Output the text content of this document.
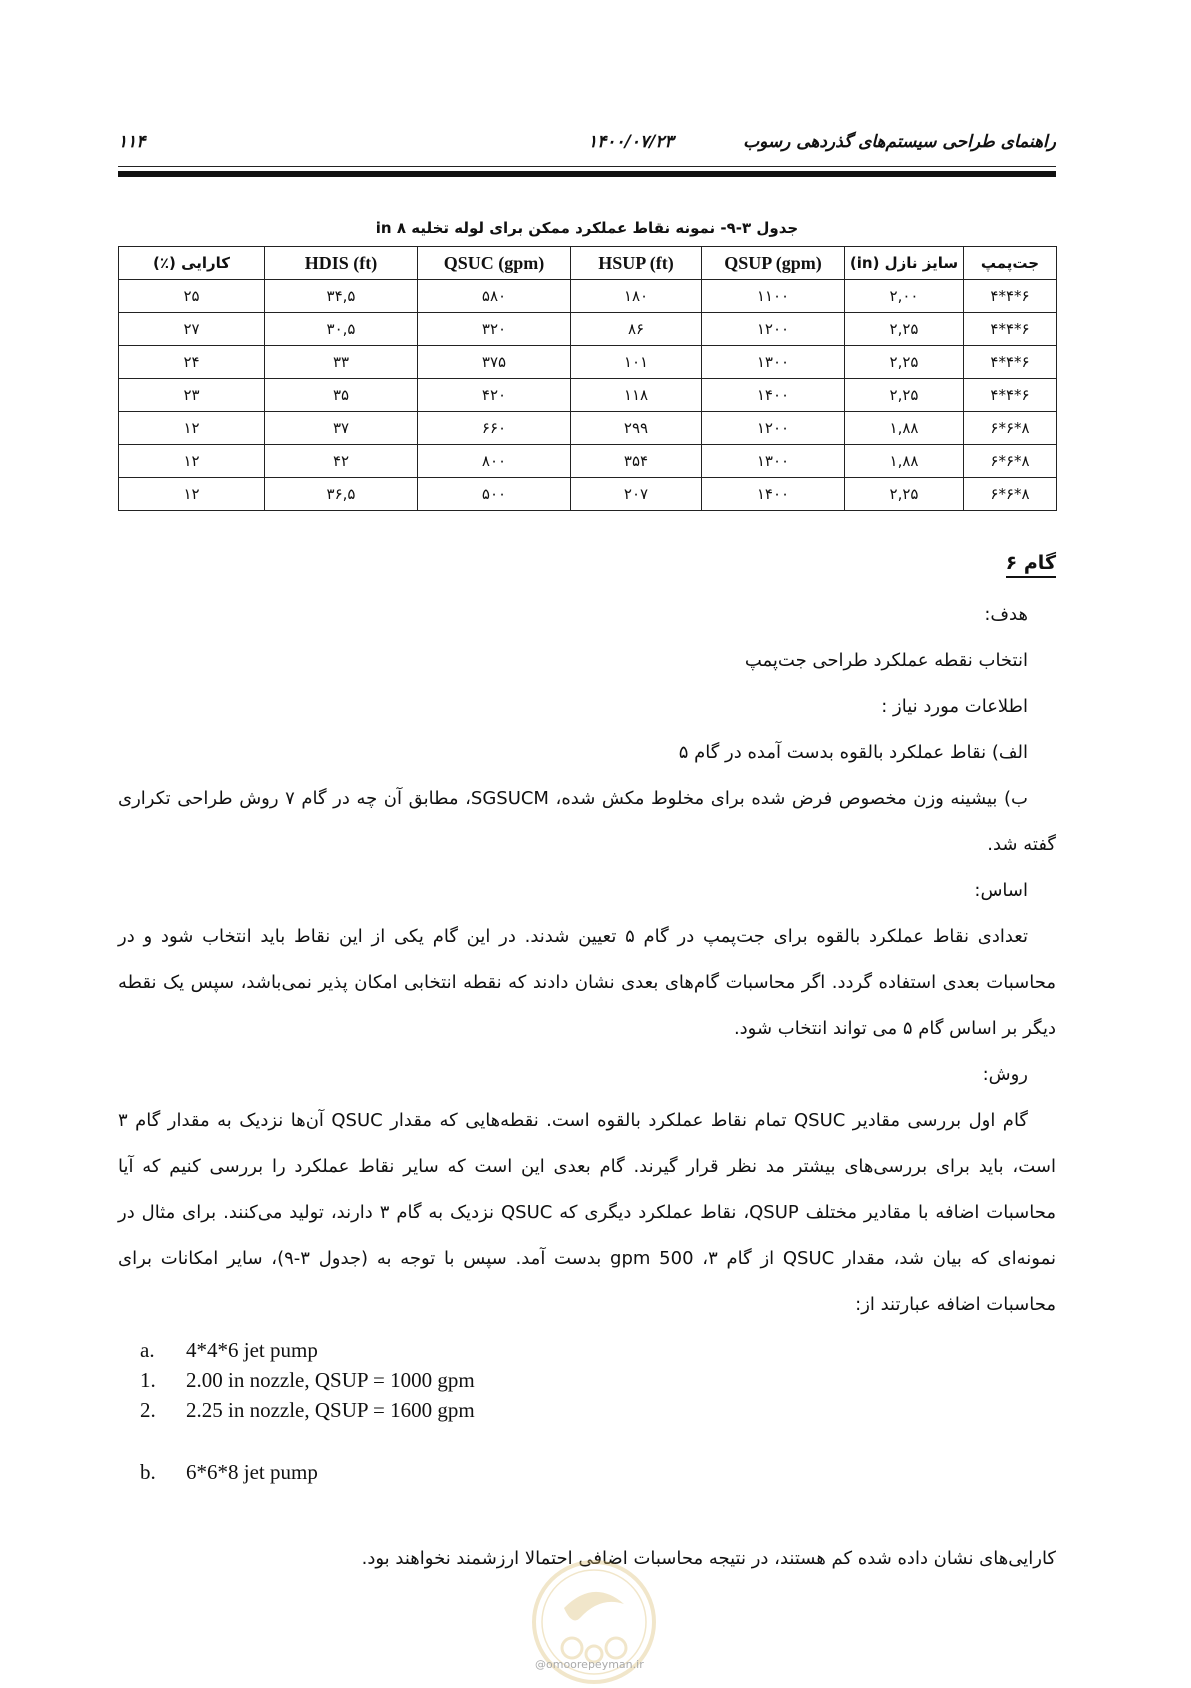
راهنمای طراحی سیستم‌های گذردهی رسوب
۱۴۰۰/۰۷/۲۳
۱۱۴
جدول ۳-۹- نمونه نقاط عملکرد ممکن برای لوله تخلیه ۸ in
جت‌پمپ	سایز نازل (in)	QSUP (gpm)	HSUP (ft)	QSUC (gpm)	HDIS (ft)	کارایی (٪)
۶*۴*۴	۲,۰۰	۱۱۰۰	۱۸۰	۵۸۰	۳۴,۵	۲۵
۶*۴*۴	۲,۲۵	۱۲۰۰	۸۶	۳۲۰	۳۰,۵	۲۷
۶*۴*۴	۲,۲۵	۱۳۰۰	۱۰۱	۳۷۵	۳۳	۲۴
۶*۴*۴	۲,۲۵	۱۴۰۰	۱۱۸	۴۲۰	۳۵	۲۳
۸*۶*۶	۱,۸۸	۱۲۰۰	۲۹۹	۶۶۰	۳۷	۱۲
۸*۶*۶	۱,۸۸	۱۳۰۰	۳۵۴	۸۰۰	۴۲	۱۲
۸*۶*۶	۲,۲۵	۱۴۰۰	۲۰۷	۵۰۰	۳۶,۵	۱۲
گام ۶
هدف:
انتخاب نقطه عملکرد طراحی جت‌پمپ
اطلاعات مورد نیاز :
الف) نقاط عملکرد بالقوه بدست آمده در گام ۵
ب) بیشینه وزن مخصوص فرض شده برای مخلوط مکش شده، SGSUCM، مطابق آن چه در گام ۷ روش طراحی تکراری گفته شد.
اساس:
تعدادی نقاط عملکرد بالقوه برای جت‌پمپ در گام ۵ تعیین شدند. در این گام یکی از این نقاط باید انتخاب شود و در محاسبات بعدی استفاده گردد. اگر محاسبات گام‌های بعدی نشان دادند که نقطه انتخابی امکان پذیر نمی‌باشد، سپس یک نقطه دیگر بر اساس گام ۵ می تواند انتخاب شود.
روش:
گام اول بررسی مقادیر QSUC تمام نقاط عملکرد بالقوه است. نقطه‌هایی که مقدار QSUC آن‌ها نزدیک به مقدار گام ۳ است، باید برای بررسی‌های بیشتر مد نظر قرار گیرند. گام بعدی این است که سایر نقاط عملکرد را بررسی کنیم که آیا محاسبات اضافه با مقادیر مختلف QSUP، نقاط عملکرد دیگری که QSUC نزدیک به گام ۳ دارند، تولید می‌کنند. برای مثال در نمونه‌ای که بیان شد، مقدار QSUC از گام ۳، 500 gpm بدست آمد. سپس با توجه به (جدول ۳-۹)، سایر امکانات برای محاسبات اضافه عبارتند از:
a. 4*4*6 jet pump
1. 2.00 in nozzle, QSUP = 1000 gpm
2. 2.25 in nozzle, QSUP = 1600 gpm
b. 6*6*8 jet pump
کارایی‌های نشان داده شده کم هستند، در نتیجه محاسبات اضافی احتمالا ارزشمند نخواهند بود.
@omoorepeyman.ir
